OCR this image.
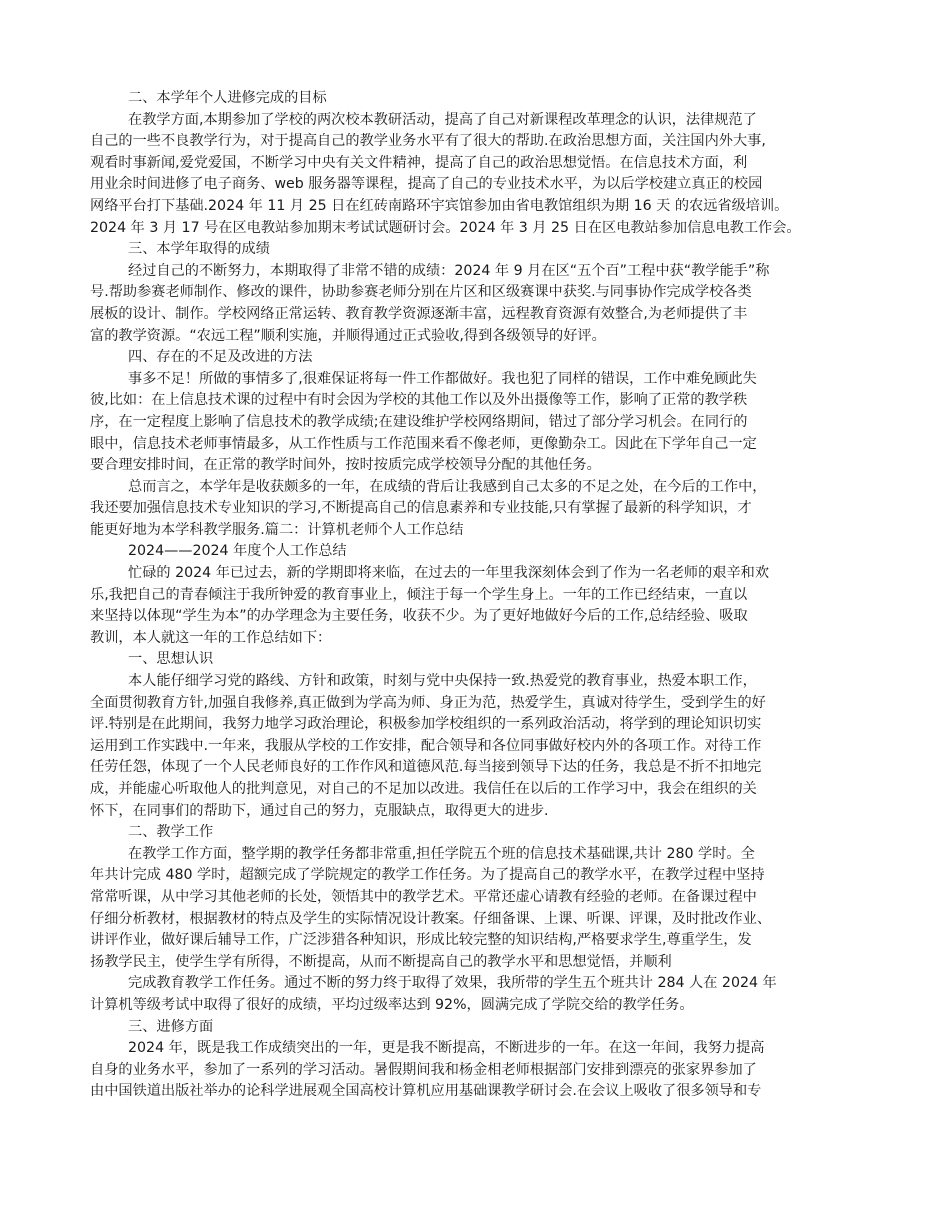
二、本学年个人进修完成的目标
在教学方面,本期参加了学校的两次校本教研活动，提高了自己对新课程改革理念的认识，法律规范了
自己的一些不良教学行为，对于提高自己的教学业务水平有了很大的帮助.在政治思想方面，关注国内外大事,
观看时事新闻,爱党爱国，不断学习中央有关文件精神，提高了自己的政治思想觉悟。在信息技术方面，利
用业余时间进修了电子商务、web 服务器等课程，提高了自己的专业技术水平，为以后学校建立真正的校园
网络平台打下基础.2024 年 11 月 25 日在红砖南路环宇宾馆参加由省电教馆组织为期 16 天 的农远省级培训。
2024 年 3 月 17 号在区电教站参加期末考试试题研讨会。2024 年 3 月 25 日在区电教站参加信息电教工作会。
三、本学年取得的成绩
经过自己的不断努力，本期取得了非常不错的成绩：2024 年 9 月在区“五个百”工程中获“教学能手”称
号.帮助参赛老师制作、修改的课件，协助参赛老师分别在片区和区级赛课中获奖.与同事协作完成学校各类
展板的设计、制作。学校网络正常运转、教育教学资源逐渐丰富，远程教育资源有效整合,为老师提供了丰
富的教学资源。“农远工程”顺利实施，并顺得通过正式验收,得到各级领导的好评。
四、存在的不足及改进的方法
事多不足！所做的事情多了,很难保证将每一件工作都做好。我也犯了同样的错误，工作中难免顾此失
彼,比如：在上信息技术课的过程中有时会因为学校的其他工作以及外出摄像等工作，影响了正常的教学秩
序，在一定程度上影响了信息技术的教学成绩;在建设维护学校网络期间，错过了部分学习机会。在同行的
眼中，信息技术老师事情最多，从工作性质与工作范围来看不像老师，更像勤杂工。因此在下学年自己一定
要合理安排时间，在正常的教学时间外，按时按质完成学校领导分配的其他任务。
总而言之，本学年是收获颇多的一年，在成绩的背后让我感到自己太多的不足之处，在今后的工作中，
我还要加强信息技术专业知识的学习,不断提高自己的信息素养和专业技能,只有掌握了最新的科学知识，才
能更好地为本学科教学服务.篇二：计算机老师个人工作总结
2024——2024 年度个人工作总结
忙碌的 2024 年已过去，新的学期即将来临，在过去的一年里我深刻体会到了作为一名老师的艰辛和欢
乐,我把自己的青春倾注于我所钟爱的教育事业上，倾注于每一个学生身上。一年的工作已经结束，一直以
来坚持以体现“学生为本”的办学理念为主要任务，收获不少。为了更好地做好今后的工作,总结经验、吸取
教训，本人就这一年的工作总结如下：
一、思想认识
本人能仔细学习党的路线、方针和政策，时刻与党中央保持一致.热爱党的教育事业，热爱本职工作，
全面贯彻教育方针,加强自我修养,真正做到为学高为师、身正为范，热爱学生，真诚对待学生，受到学生的好
评.特别是在此期间，我努力地学习政治理论，积极参加学校组织的一系列政治活动，将学到的理论知识切实
运用到工作实践中.一年来，我服从学校的工作安排，配合领导和各位同事做好校内外的各项工作。对待工作
任劳任怨，体现了一个人民老师良好的工作作风和道德风范.每当接到领导下达的任务，我总是不折不扣地完
成，并能虚心听取他人的批判意见，对自己的不足加以改进。我信任在以后的工作学习中，我会在组织的关
怀下，在同事们的帮助下，通过自己的努力，克服缺点，取得更大的进步.
二、教学工作
在教学工作方面，整学期的教学任务都非常重,担任学院五个班的信息技术基础课,共计 280 学时。全
年共计完成 480 学时，超额完成了学院规定的教学工作任务。为了提高自己的教学水平，在教学过程中坚持
常常听课，从中学习其他老师的长处，领悟其中的教学艺术。平常还虚心请教有经验的老师。在备课过程中
仔细分析教材，根据教材的特点及学生的实际情况设计教案。仔细备课、上课、听课、评课，及时批改作业、
讲评作业，做好课后辅导工作，广泛涉猎各种知识，形成比较完整的知识结构,严格要求学生,尊重学生，发
扬教学民主，使学生学有所得，不断提高，从而不断提高自己的教学水平和思想觉悟，并顺利
完成教育教学工作任务。通过不断的努力终于取得了效果，我所带的学生五个班共计 284 人在 2024 年
计算机等级考试中取得了很好的成绩，平均过级率达到 92%，圆满完成了学院交给的教学任务。
三、进修方面
2024 年，既是我工作成绩突出的一年，更是我不断提高，不断进步的一年。在这一年间，我努力提高
自身的业务水平，参加了一系列的学习活动。暑假期间我和杨金相老师根据部门安排到漂亮的张家界参加了
由中国铁道出版社举办的论科学进展观全国高校计算机应用基础课教学研讨会.在会议上吸收了很多领导和专
